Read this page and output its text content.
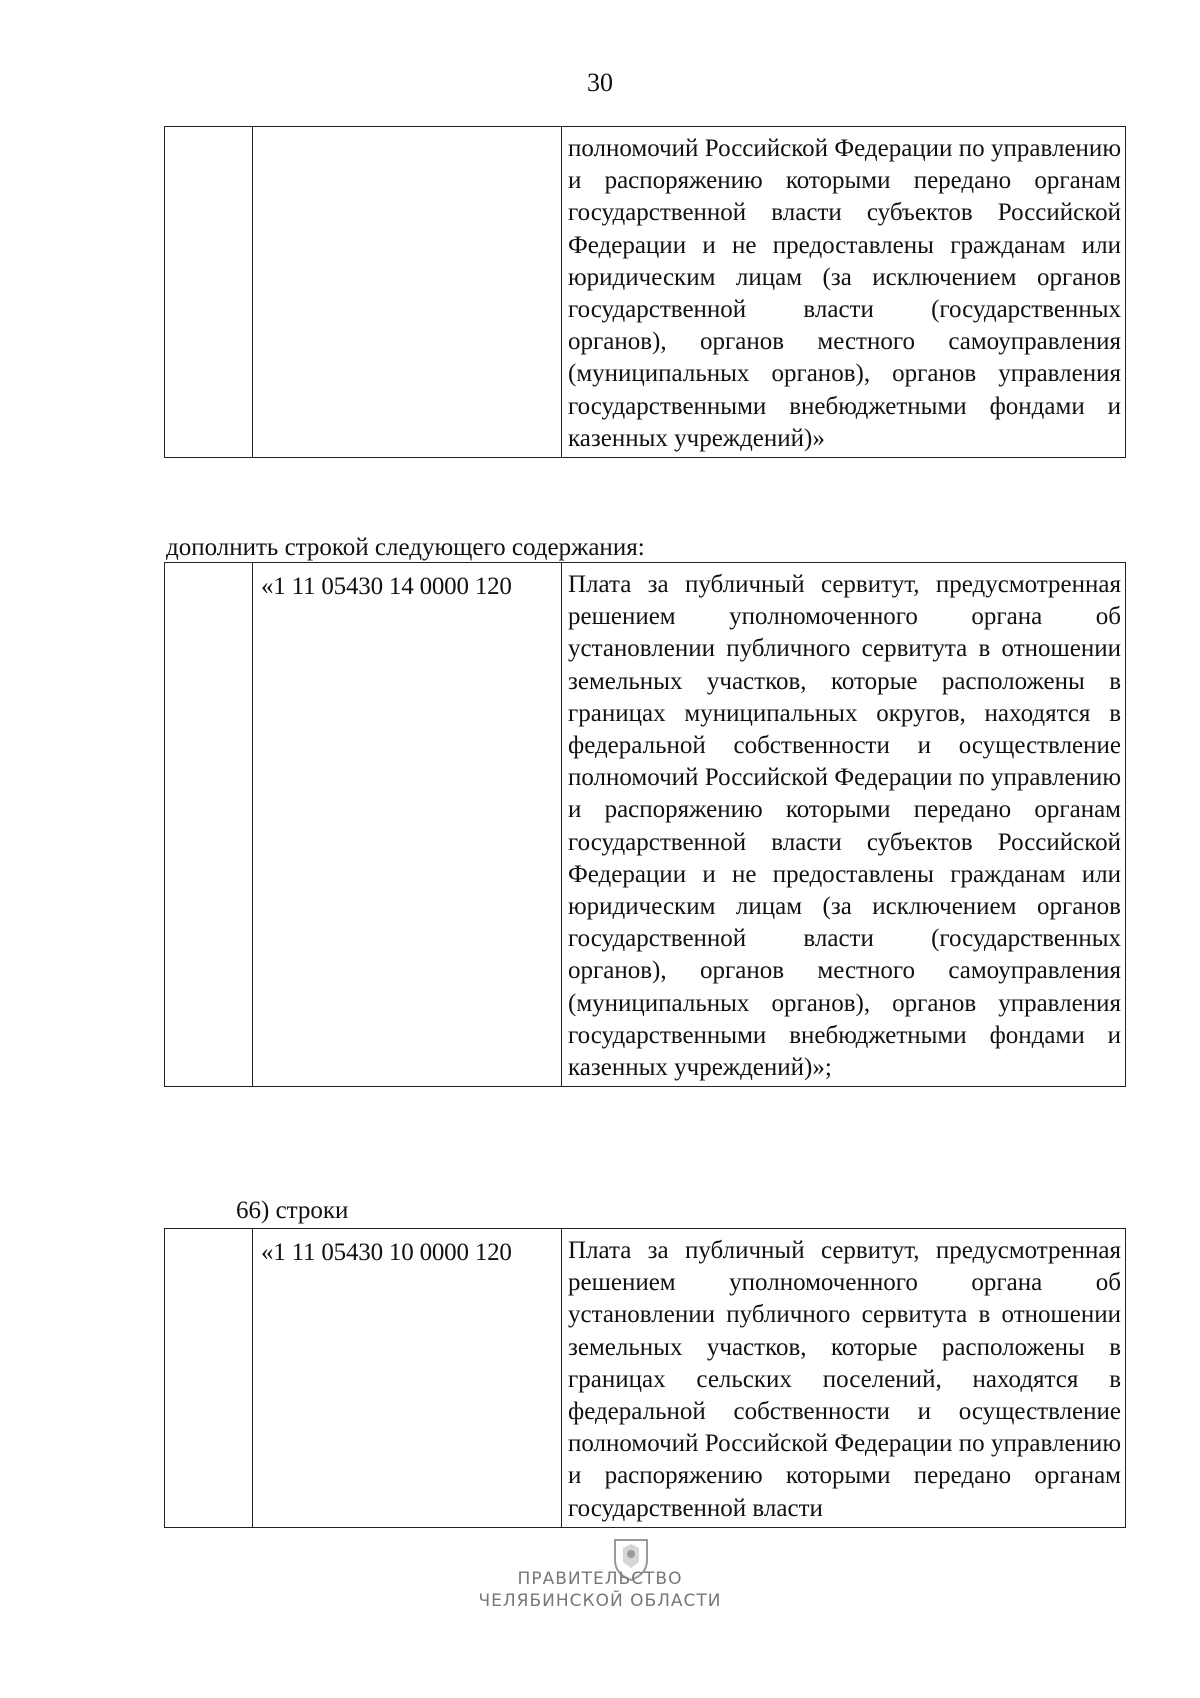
30

полномочий Российской Федерации по управлению и распоряжению которыми передано органам государственной власти субъектов Российской Федерации и не предоставлены гражданам или юридическим лицам (за исключением органов государственной власти (государственных органов), органов местного самоуправления (муниципальных органов), органов управления государственными внебюджетными фондами и казенных учреждений)»
дополнить строкой следующего содержания:

«1 11 05430 14 0000 120	Плата за публичный сервитут, предусмотренная решением уполномоченного органа об установлении публичного сервитута в отношении земельных участков, которые расположены в границах муниципальных округов, находятся в федеральной собственности и осуществление полномочий Российской Федерации по управлению и распоряжению которыми передано органам государственной власти субъектов Российской Федерации и не предоставлены гражданам или юридическим лицам (за исключением органов государственной власти (государственных органов), органов местного самоуправления (муниципальных органов), органов управления государственными внебюджетными фондами и казенных учреждений)»;
66) строки

«1 11 05430 10 0000 120	Плата за публичный сервитут, предусмотренная решением уполномоченного органа об установлении публичного сервитута в отношении земельных участков, которые расположены в границах сельских поселений, находятся в федеральной собственности и осуществление полномочий Российской Федерации по управлению и распоряжению которыми передано органам государственной власти
ПРАВИТЕЛЬСТВО
ЧЕЛЯБИНСКОЙ ОБЛАСТИ
